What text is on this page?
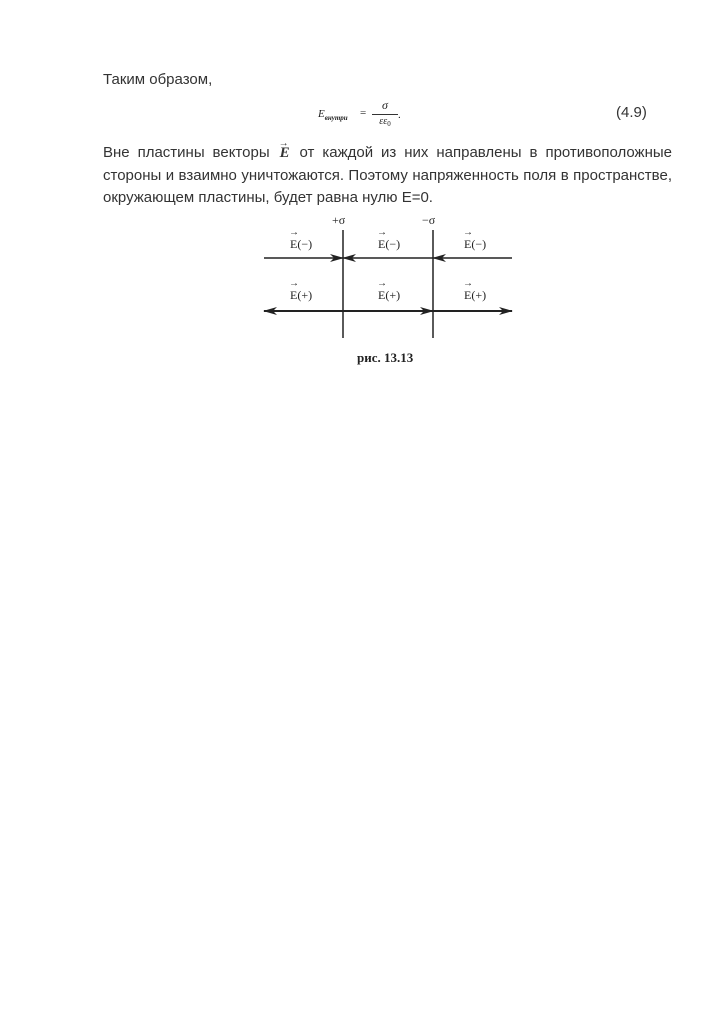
Таким образом,
$E_{внутри}$ =
σ
$\varepsilon\varepsilon_0$
.	(4.9)
Вне пластины векторы → E от каждой из них направлены в противоположные стороны и взаимно уничтожаются. Поэтому напряженность поля в пространстве, окружающем пластины, будет равна нулю E=0.
+σ	−σ
→
E(−)
→
E(−)
→
E(−)
→
E(+)
→
E(+)
→
E(+)
рис. 13.13
